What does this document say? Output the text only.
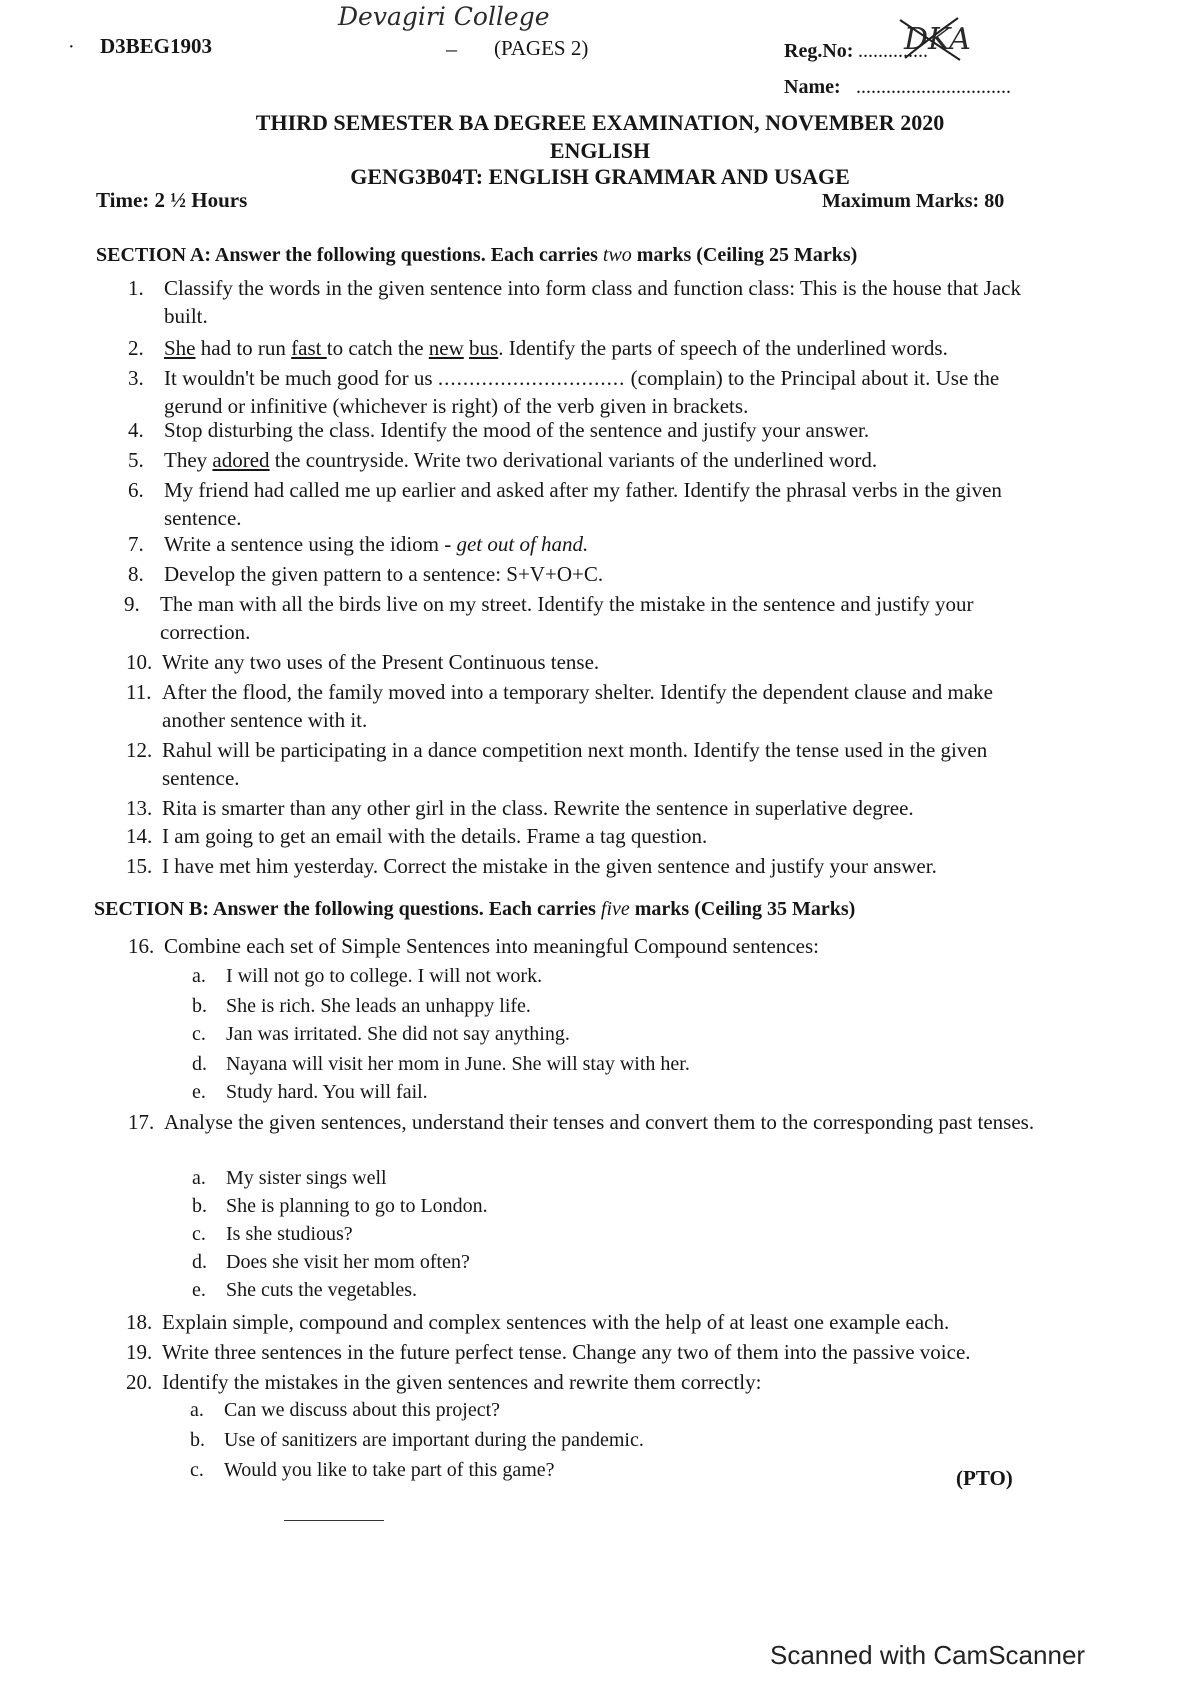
D3BEG1903
·
Devagiri College
– (PAGES 2)	Reg.No: ..............
DKA
Name: ...............................
THIRD SEMESTER BA DEGREE EXAMINATION, NOVEMBER 2020
ENGLISH
GENG3B04T: ENGLISH GRAMMAR AND USAGE
Time: 2 ½ Hours	Maximum Marks: 80
SECTION A: Answer the following questions. Each carries two marks (Ceiling 25 Marks)
1. Classify the words in the given sentence into form class and function class: This is the house that Jack built.
2. She had to run fast to catch the new bus. Identify the parts of speech of the underlined words.
3. It wouldn't be much good for us .............................. (complain) to the Principal about it. Use the gerund or infinitive (whichever is right) of the verb given in brackets.
4. Stop disturbing the class. Identify the mood of the sentence and justify your answer.
5. They adored the countryside. Write two derivational variants of the underlined word.
6. My friend had called me up earlier and asked after my father. Identify the phrasal verbs in the given sentence.
7. Write a sentence using the idiom - get out of hand.
8. Develop the given pattern to a sentence: S+V+O+C.
9. The man with all the birds live on my street. Identify the mistake in the sentence and justify your correction.
10. Write any two uses of the Present Continuous tense.
11. After the flood, the family moved into a temporary shelter. Identify the dependent clause and make another sentence with it.
12. Rahul will be participating in a dance competition next month. Identify the tense used in the given sentence.
13. Rita is smarter than any other girl in the class. Rewrite the sentence in superlative degree.
14. I am going to get an email with the details. Frame a tag question.
15. I have met him yesterday. Correct the mistake in the given sentence and justify your answer.
SECTION B: Answer the following questions. Each carries five marks (Ceiling 35 Marks)
16. Combine each set of Simple Sentences into meaningful Compound sentences:
a. I will not go to college. I will not work.
b. She is rich. She leads an unhappy life.
c. Jan was irritated. She did not say anything.
d. Nayana will visit her mom in June. She will stay with her.
e. Study hard. You will fail.
17. Analyse the given sentences, understand their tenses and convert them to the corresponding past tenses.
a. My sister sings well
b. She is planning to go to London.
c. Is she studious?
d. Does she visit her mom often?
e. She cuts the vegetables.
18. Explain simple, compound and complex sentences with the help of at least one example each.
19. Write three sentences in the future perfect tense. Change any two of them into the passive voice.
20. Identify the mistakes in the given sentences and rewrite them correctly:
a. Can we discuss about this project?
b. Use of sanitizers are important during the pandemic.
c. Would you like to take part of this game?	(PTO)
Scanned with CamScanner
